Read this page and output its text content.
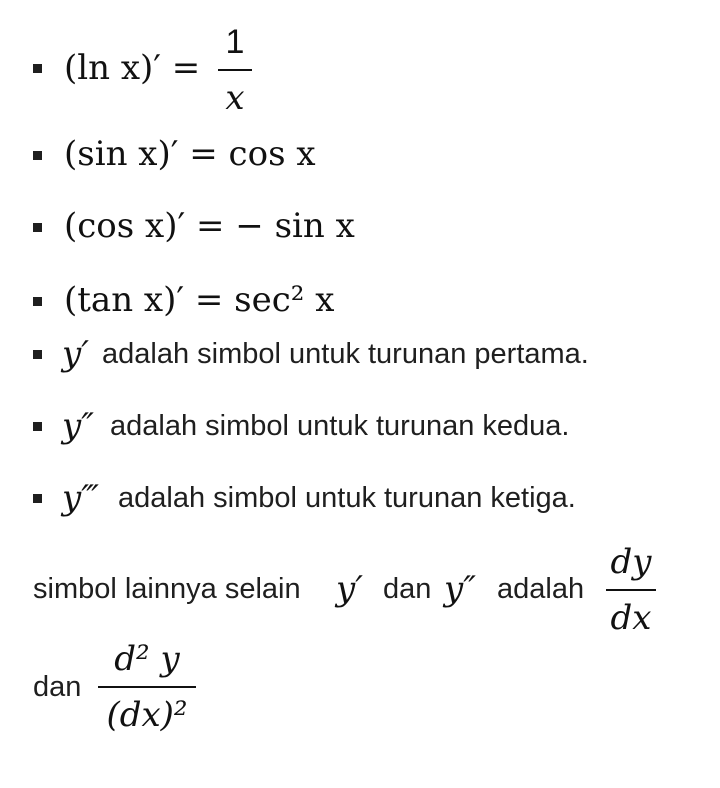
(ln x)′ =
1
x
(sin x)′ = cos x
(cos x)′ = − sin x
(tan x)′ = sec² x
y′ adalah simbol untuk turunan pertama.
y″ adalah simbol untuk turunan kedua.
y‴ adalah simbol untuk turunan ketiga.
simbol lainnya selain y′ dan y″ adalah
dy
dx
dan
d² y
(dx)²
